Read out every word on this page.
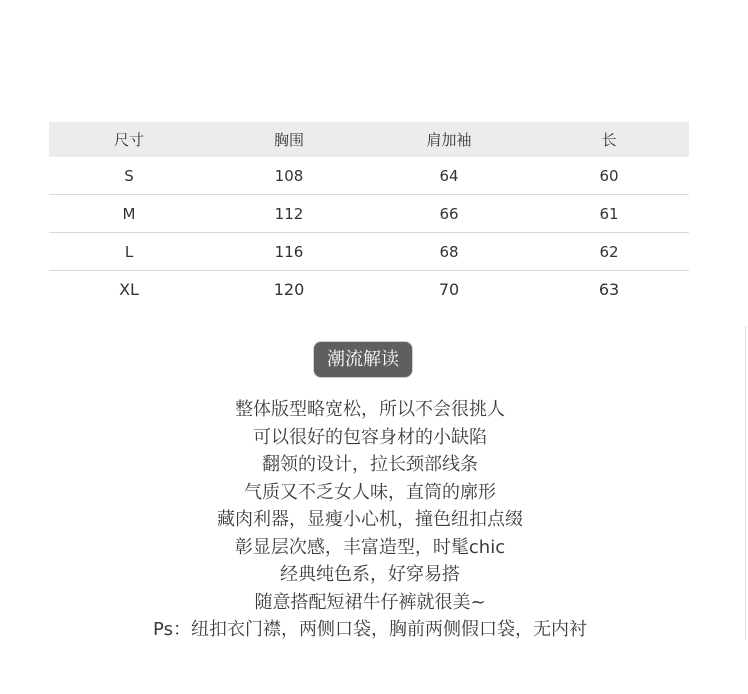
尺寸	胸围	肩加袖	长
S	108	64	60
M	112	66	61
L	116	68	62
XL	120	70	63
潮流解读
整体版型略宽松，所以不会很挑人
可以很好的包容身材的小缺陷
翻领的设计，拉长颈部线条
气质又不乏女人味，直筒的廓形
藏肉利器，显瘦小心机，撞色纽扣点缀
彰显层次感，丰富造型，时髦chic
经典纯色系，好穿易搭
随意搭配短裙牛仔裤就很美~
Ps：纽扣衣门襟，两侧口袋，胸前两侧假口袋，无内衬
